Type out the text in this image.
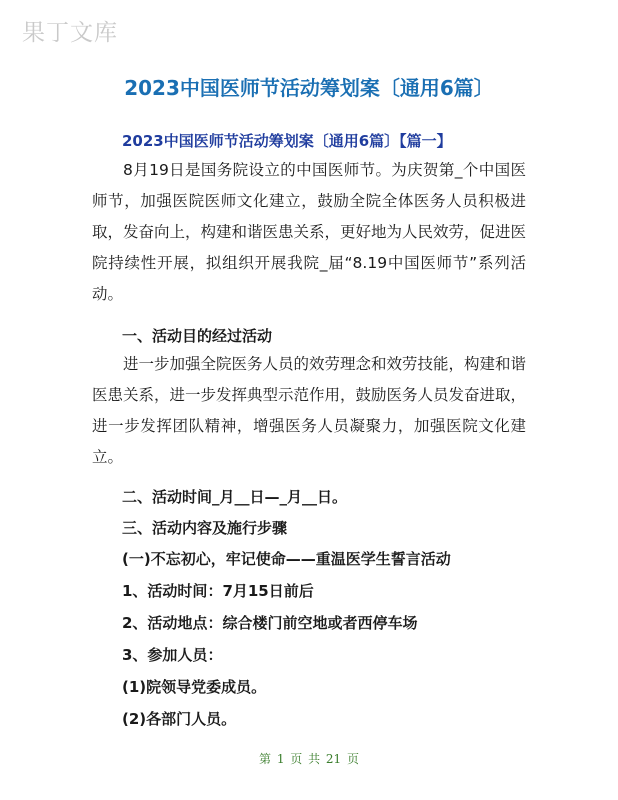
果丁文库
2023中国医师节活动筹划案〔通用6篇〕
2023中国医师节活动筹划案〔通用6篇〕【篇一】

8月19日是国务院设立的中国医师节。为庆贺第_个中国医师节，加强医院医师文化建立，鼓励全院全体医务人员积极进取，发奋向上，构建和谐医患关系，更好地为人民效劳，促进医院持续性开展，拟组织开展我院_届“8.19中国医师节”系列活动。

一、活动目的经过活动

进一步加强全院医务人员的效劳理念和效劳技能，构建和谐医患关系，进一步发挥典型示范作用，鼓励医务人员发奋进取，进一步发挥团队精神，增强医务人员凝聚力，加强医院文化建立。

二、活动时间_月__日—_月__日。

三、活动内容及施行步骤

(一)不忘初心，牢记使命——重温医学生誓言活动

1、活动时间：7月15日前后

2、活动地点：综合楼门前空地或者西停车场

3、参加人员：

(1)院领导党委成员。

(2)各部门人员。

第 1 页 共 21 页
